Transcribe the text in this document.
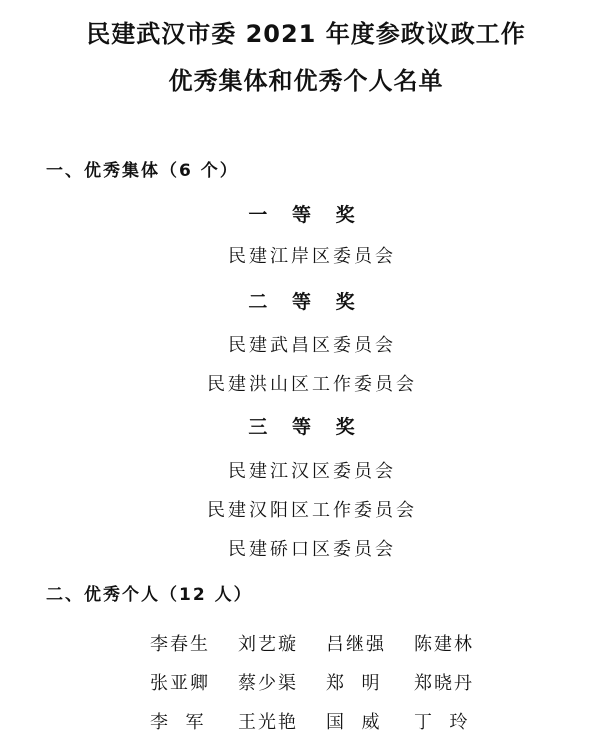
民建武汉市委 2021 年度参政议政工作
优秀集体和优秀个人名单
一、优秀集体（6 个）
一 等 奖
民建江岸区委员会
二 等 奖
民建武昌区委员会
民建洪山区工作委员会
三 等 奖
民建江汉区委员会
民建汉阳区工作委员会
民建硚口区委员会
二、优秀个人（12 人）
李春生	刘艺璇	吕继强	陈建林
张亚卿	蔡少渠	郑  明	郑晓丹
李  军	王光艳	国  威	丁  玲
